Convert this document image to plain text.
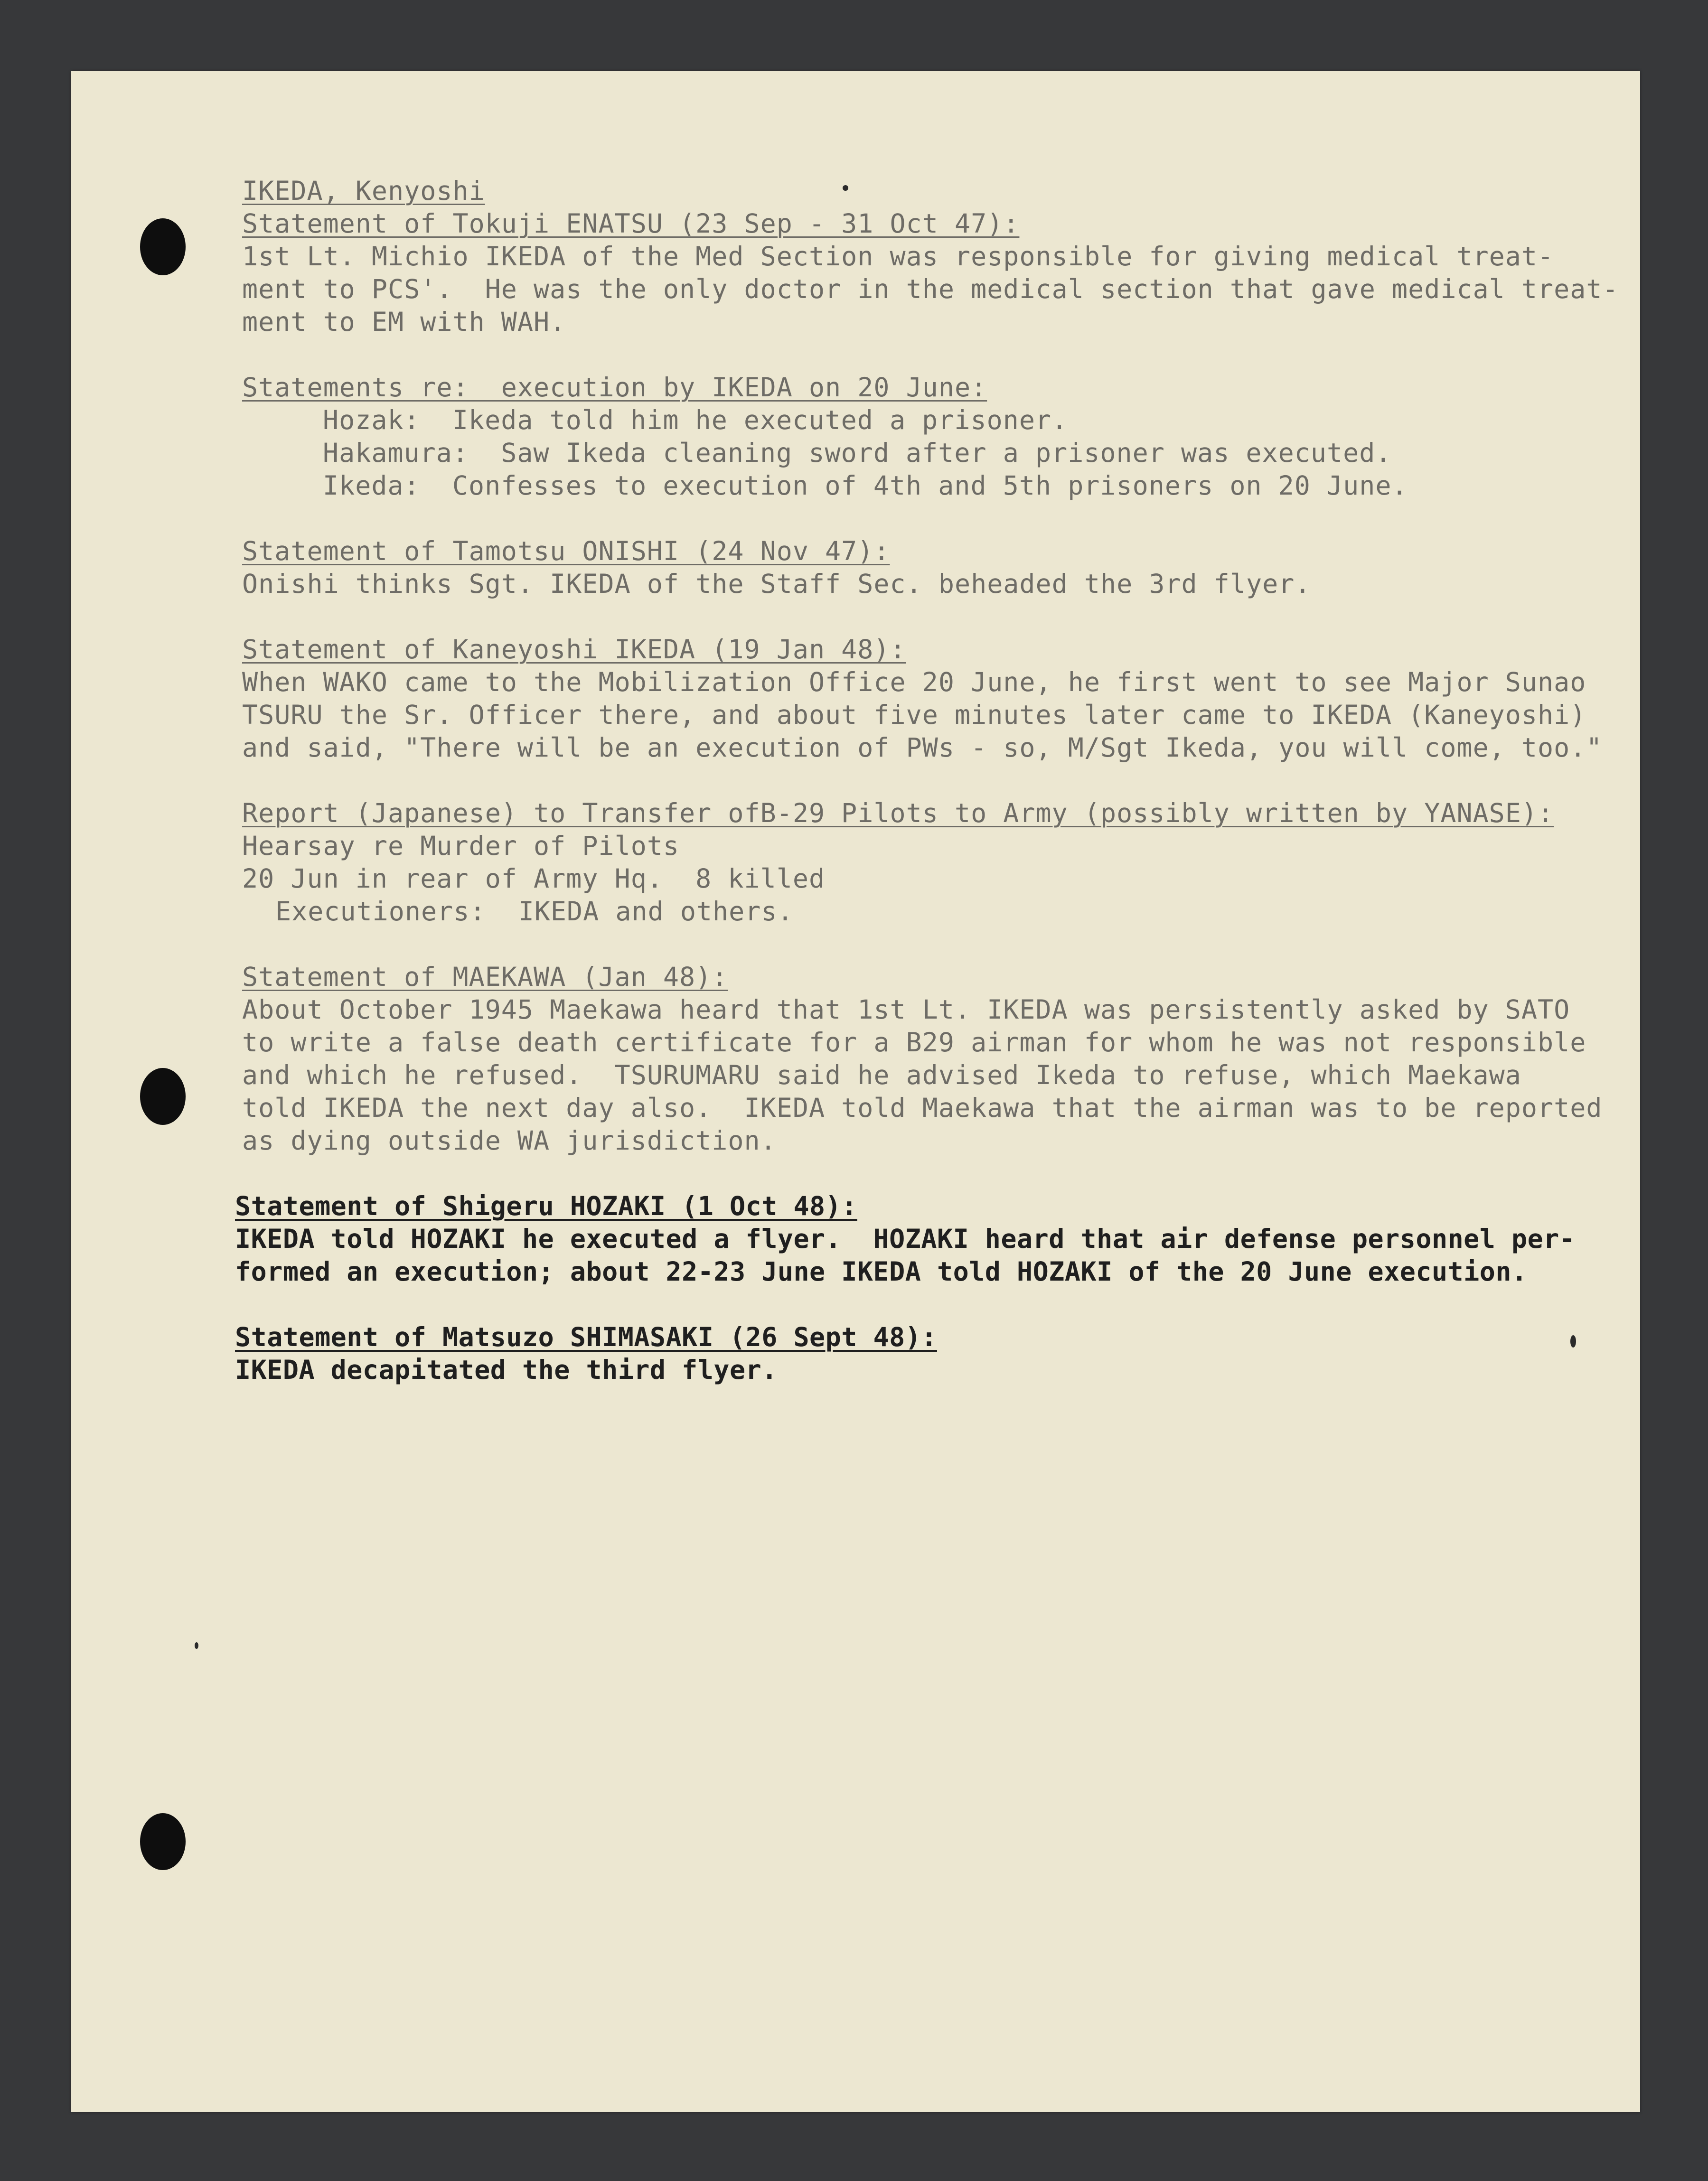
IKEDA, Kenyoshi
Statement of Tokuji ENATSU (23 Sep - 31 Oct 47):
1st Lt. Michio IKEDA of the Med Section was responsible for giving medical treat-
ment to PCS'.  He was the only doctor in the medical section that gave medical treat-
ment to EM with WAH.
Statements re:  execution by IKEDA on 20 June:
Hozak:  Ikeda told him he executed a prisoner.
Hakamura:  Saw Ikeda cleaning sword after a prisoner was executed.
Ikeda:  Confesses to execution of 4th and 5th prisoners on 20 June.
Statement of Tamotsu ONISHI (24 Nov 47):
Onishi thinks Sgt. IKEDA of the Staff Sec. beheaded the 3rd flyer.
Statement of Kaneyoshi IKEDA (19 Jan 48):
When WAKO came to the Mobilization Office 20 June, he first went to see Major Sunao
TSURU the Sr. Officer there, and about five minutes later came to IKEDA (Kaneyoshi)
and said, "There will be an execution of PWs - so, M/Sgt Ikeda, you will come, too."
Report (Japanese) to Transfer ofB-29 Pilots to Army (possibly written by YANASE):
Hearsay re Murder of Pilots
20 Jun in rear of Army Hq.  8 killed
Executioners:  IKEDA and others.
Statement of MAEKAWA (Jan 48):
About October 1945 Maekawa heard that 1st Lt. IKEDA was persistently asked by SATO
to write a false death certificate for a B29 airman for whom he was not responsible
and which he refused.  TSURUMARU said he advised Ikeda to refuse, which Maekawa
told IKEDA the next day also.  IKEDA told Maekawa that the airman was to be reported
as dying outside WA jurisdiction.
Statement of Shigeru HOZAKI (1 Oct 48):
IKEDA told HOZAKI he executed a flyer.  HOZAKI heard that air defense personnel per-
formed an execution; about 22-23 June IKEDA told HOZAKI of the 20 June execution.
Statement of Matsuzo SHIMASAKI (26 Sept 48):
IKEDA decapitated the third flyer.
